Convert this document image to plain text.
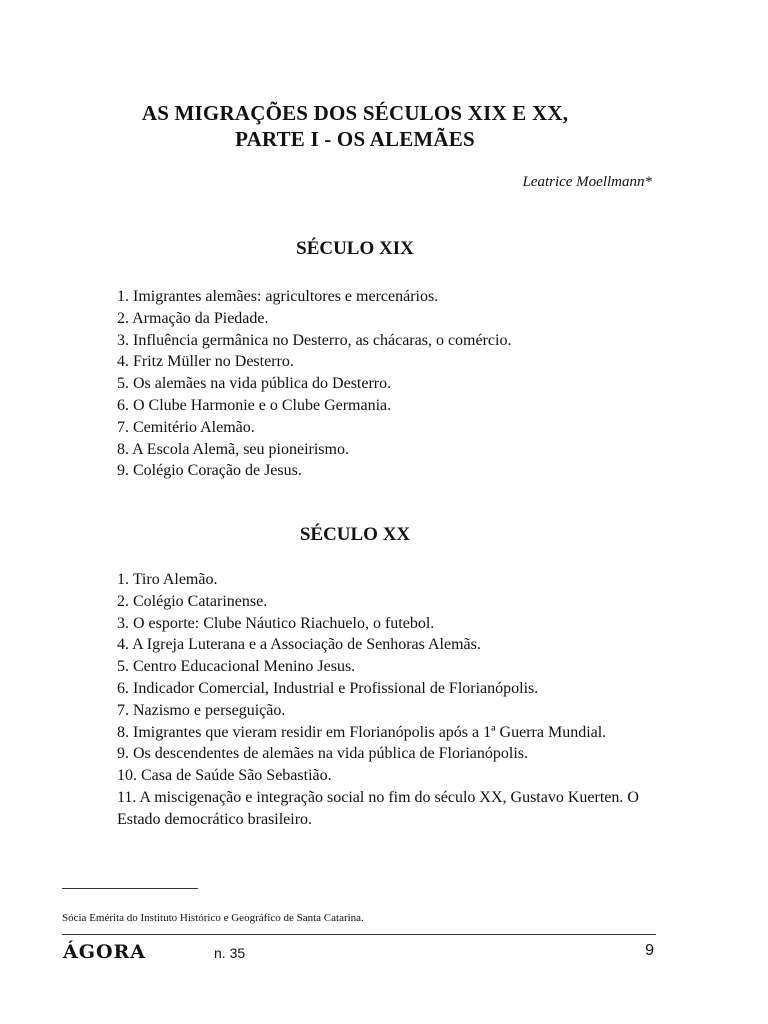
AS MIGRAÇÕES DOS SÉCULOS XIX E XX,
PARTE I - OS ALEMÃES
Leatrice Moellmann*
SÉCULO XIX
1. Imigrantes alemães: agricultores e mercenários.
2. Armação da Piedade.
3. Influência germânica no Desterro, as chácaras, o comércio.
4. Fritz Müller no Desterro.
5. Os alemães na vida pública do Desterro.
6. O Clube Harmonie e o Clube Germania.
7. Cemitério Alemão.
8. A Escola Alemã, seu pioneirismo.
9. Colégio Coração de Jesus.
SÉCULO XX
1. Tiro Alemão.
2. Colégio Catarinense.
3. O esporte: Clube Náutico Riachuelo, o futebol.
4. A Igreja Luterana e a Associação de Senhoras Alemãs.
5. Centro Educacional Menino Jesus.
6. Indicador Comercial, Industrial e Profissional de Florianópolis.
7. Nazismo e perseguição.
8. Imigrantes que vieram residir em Florianópolis após a 1ª Guerra Mundial.
9. Os descendentes de alemães na vida pública de Florianópolis.
10. Casa de Saúde São Sebastião.
11. A miscigenação e integração social no fim do século XX, Gustavo Kuerten. O Estado democrático brasileiro.
Sócia Emérita do Instituto Histórico e Geográfico de Santa Catarina.
ÁGORA	n. 35	9
